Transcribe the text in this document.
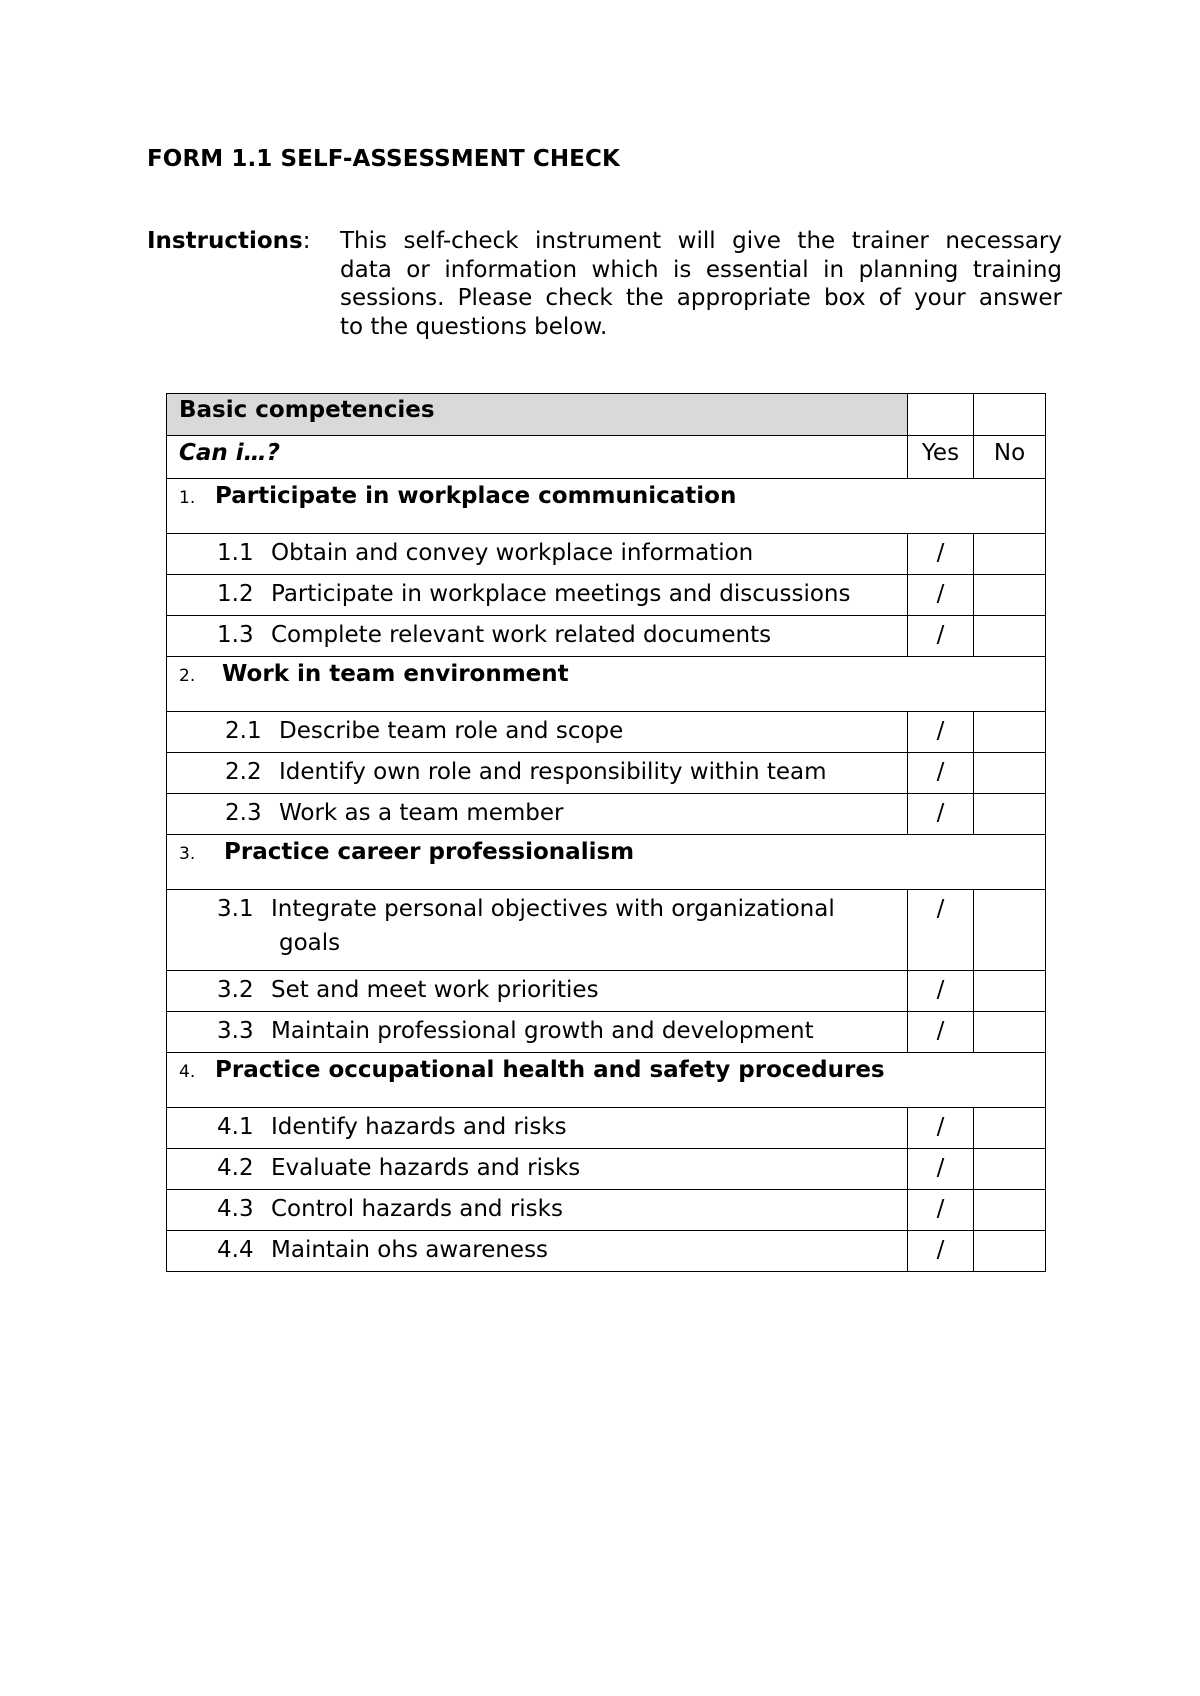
FORM 1.1 SELF-ASSESSMENT CHECK
Instructions: This self-check instrument will give the trainer necessary
data or information which is essential in planning training
sessions. Please check the appropriate box of your answer
to the questions below.
Basic competencies		
Can i…?	Yes	No
1. Participate in workplace communication		
1.1 Obtain and convey workplace information	/	
1.2 Participate in workplace meetings and discussions	/	
1.3 Complete relevant work related documents	/	
2. Work in team environment		
2.1 Describe team role and scope	/	
2.2 Identify own role and responsibility within team	/	
2.3 Work as a team member	/	
3. Practice career professionalism		
3.1 Integrate personal objectives with organizational
goals	/	
3.2 Set and meet work priorities	/	
3.3 Maintain professional growth and development	/	
4. Practice occupational health and safety procedures		
4.1 Identify hazards and risks	/	
4.2 Evaluate hazards and risks	/	
4.3 Control hazards and risks	/	
4.4 Maintain ohs awareness	/	
